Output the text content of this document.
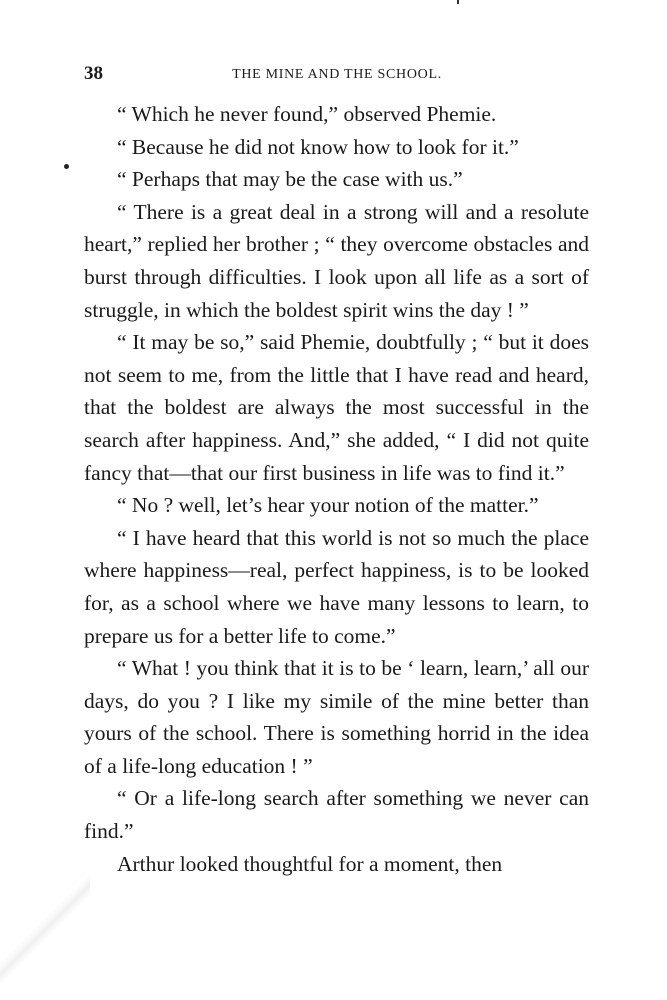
38	THE MINE AND THE SCHOOL.

“ Which he never found,” observed Phemie.

“ Because he did not know how to look for it.”

“ Perhaps that may be the case with us.”

“ There is a great deal in a strong will and a resolute heart,” replied her brother ; “ they overcome obstacles and burst through difficulties. I look upon all life as a sort of struggle, in which the boldest spirit wins the day ! ”

“ It may be so,” said Phemie, doubtfully ; “ but it does not seem to me, from the little that I have read and heard, that the boldest are always the most successful in the search after happiness. And,” she added, “ I did not quite fancy that—that our first business in life was to find it.”

“ No ? well, let’s hear your notion of the matter.”

“ I have heard that this world is not so much the place where happiness—real, perfect happiness, is to be looked for, as a school where we have many lessons to learn, to prepare us for a better life to come.”

“ What ! you think that it is to be ‘ learn, learn,’ all our days, do you ? I like my simile of the mine better than yours of the school. There is something horrid in the idea of a life-long education ! ”

“ Or a life-long search after something we never can find.”

Arthur looked thoughtful for a moment, then
